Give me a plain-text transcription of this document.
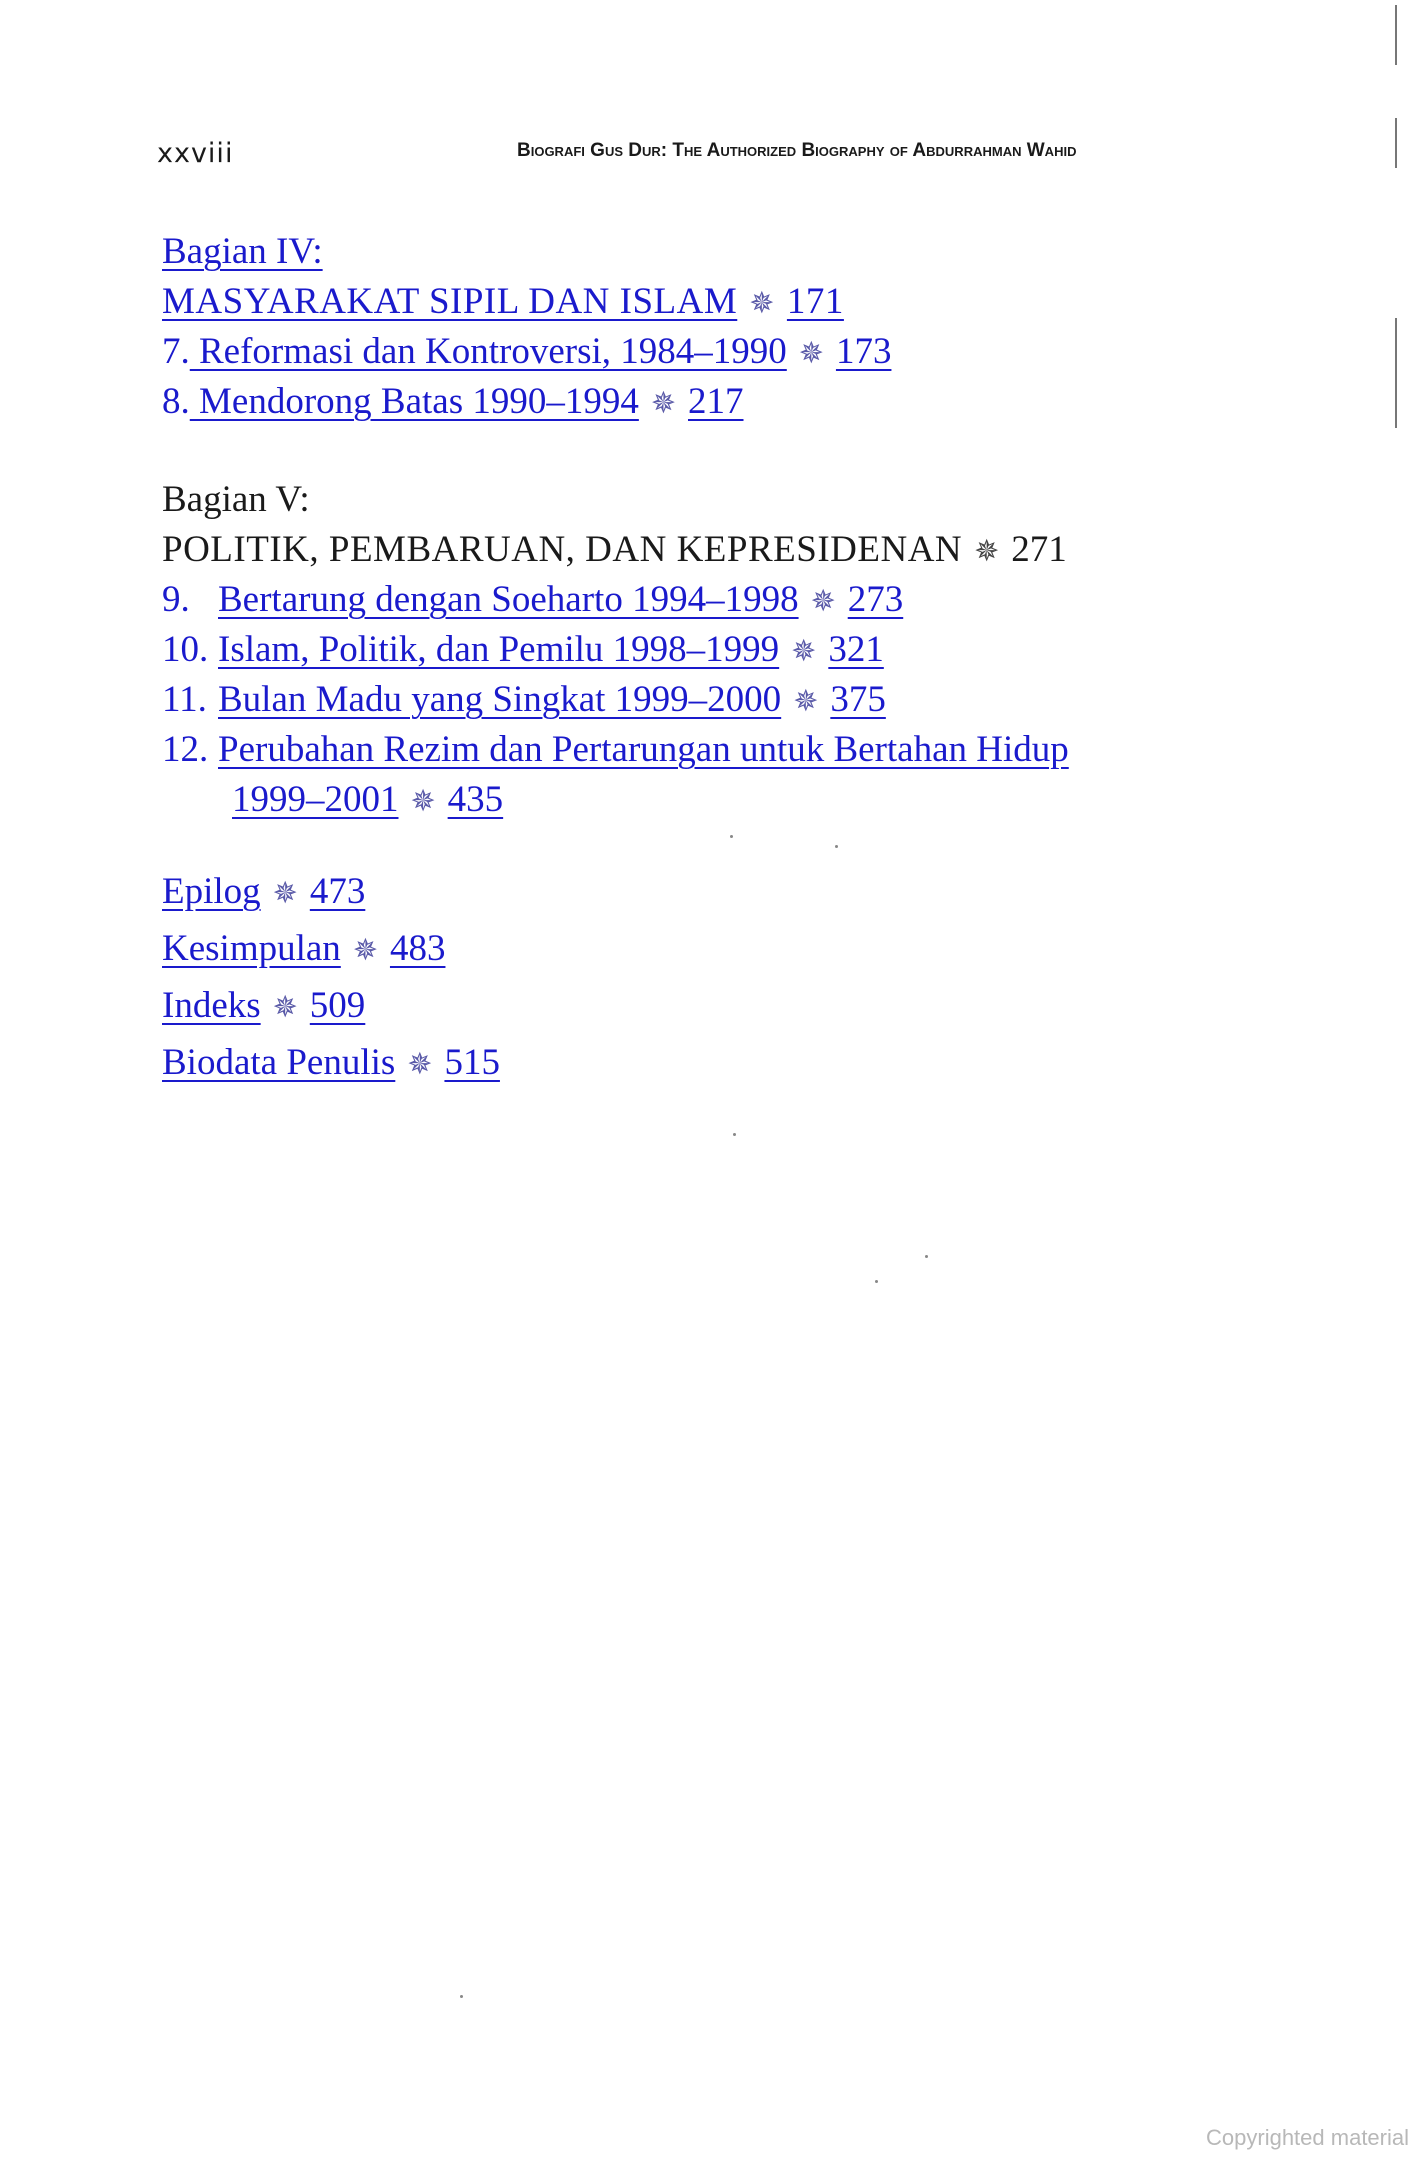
xxviii	Biografi Gus Dur: The Authorized Biography of Abdurrahman Wahid
Bagian IV:
MASYARAKAT SIPIL DAN ISLAM ✵ 171
7. Reformasi dan Kontroversi, 1984–1990 ✵ 173
8. Mendorong Batas 1990–1994 ✵ 217
Bagian V:
POLITIK, PEMBARUAN, DAN KEPRESIDENAN ✵ 271
9. Bertarung dengan Soeharto 1994–1998 ✵ 273
10. Islam, Politik, dan Pemilu 1998–1999 ✵ 321
11. Bulan Madu yang Singkat 1999–2000 ✵ 375
12. Perubahan Rezim dan Pertarungan untuk Bertahan Hidup
1999–2001 ✵ 435
Epilog ✵ 473
Kesimpulan ✵ 483
Indeks ✵ 509
Biodata Penulis ✵ 515
Copyrighted material
